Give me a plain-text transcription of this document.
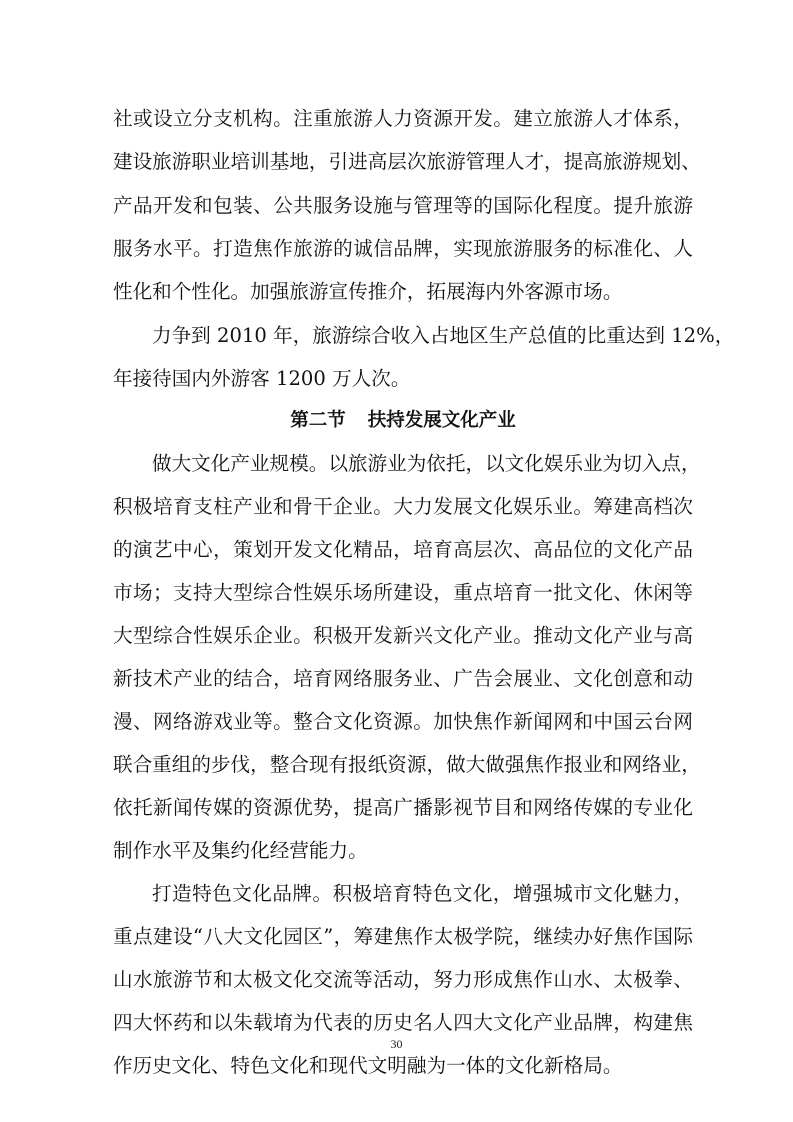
社或设立分支机构。注重旅游人力资源开发。建立旅游人才体系，
建设旅游职业培训基地，引进高层次旅游管理人才，提高旅游规划、
产品开发和包装、公共服务设施与管理等的国际化程度。提升旅游
服务水平。打造焦作旅游的诚信品牌，实现旅游服务的标准化、人
性化和个性化。加强旅游宣传推介，拓展海内外客源市场。
力争到 2010 年，旅游综合收入占地区生产总值的比重达到 12%，
年接待国内外游客 1200 万人次。
第二节 扶持发展文化产业
做大文化产业规模。以旅游业为依托，以文化娱乐业为切入点，
积极培育支柱产业和骨干企业。大力发展文化娱乐业。筹建高档次
的演艺中心，策划开发文化精品，培育高层次、高品位的文化产品
市场；支持大型综合性娱乐场所建设，重点培育一批文化、休闲等
大型综合性娱乐企业。积极开发新兴文化产业。推动文化产业与高
新技术产业的结合，培育网络服务业、广告会展业、文化创意和动
漫、网络游戏业等。整合文化资源。加快焦作新闻网和中国云台网
联合重组的步伐，整合现有报纸资源，做大做强焦作报业和网络业，
依托新闻传媒的资源优势，提高广播影视节目和网络传媒的专业化
制作水平及集约化经营能力。
打造特色文化品牌。积极培育特色文化，增强城市文化魅力，
重点建设“八大文化园区”，筹建焦作太极学院，继续办好焦作国际
山水旅游节和太极文化交流等活动，努力形成焦作山水、太极拳、
四大怀药和以朱载堉为代表的历史名人四大文化产业品牌，构建焦
作历史文化、特色文化和现代文明融为一体的文化新格局。
30
